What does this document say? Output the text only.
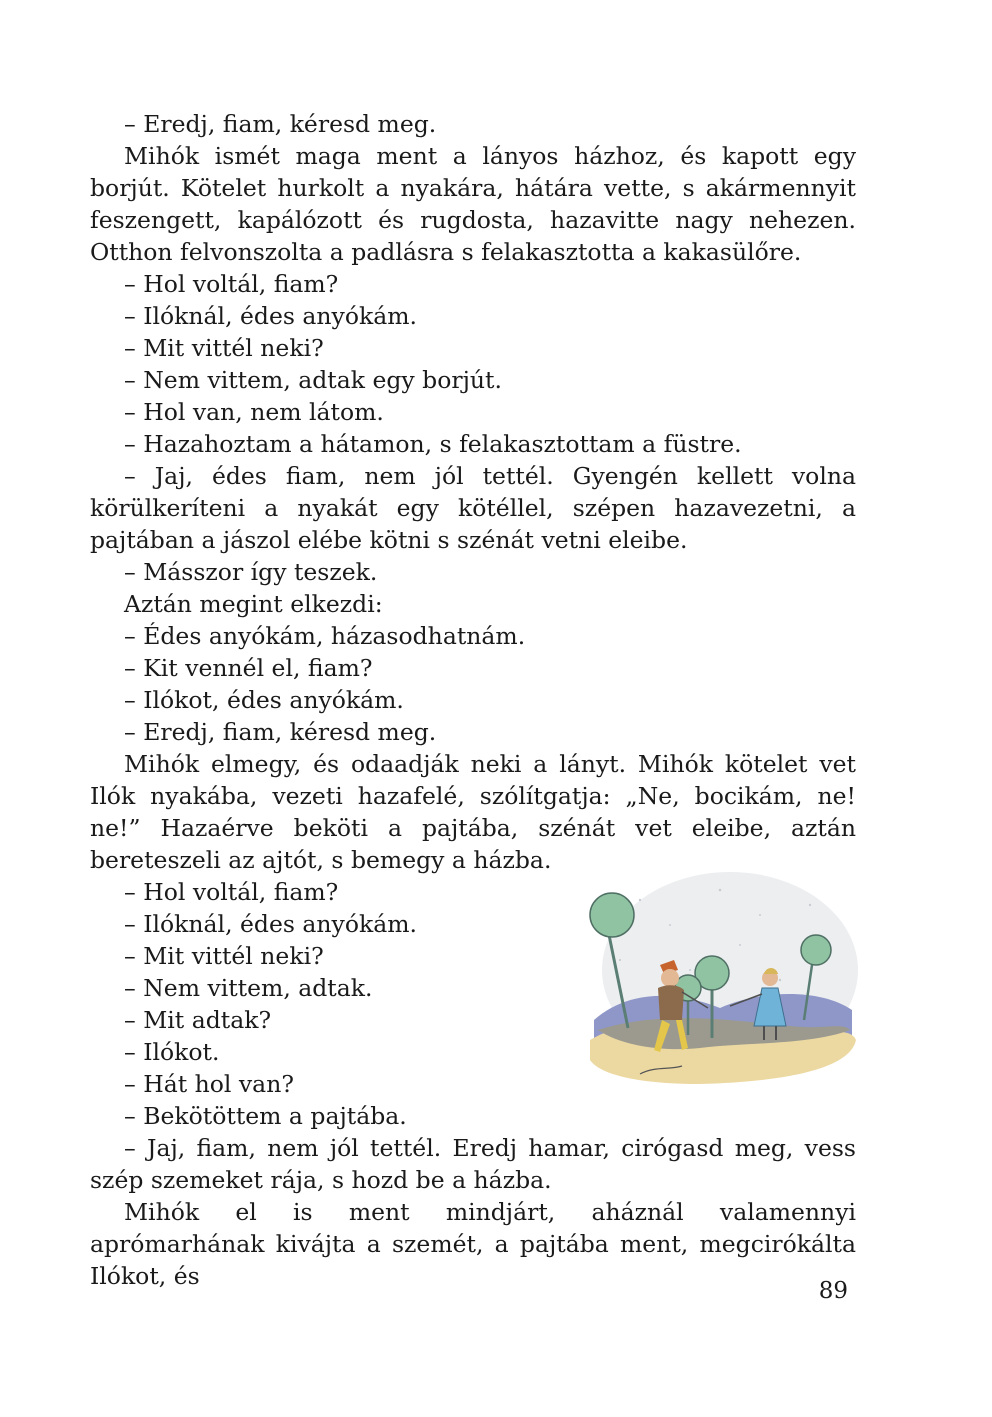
– Eredj, fiam, kéresd meg.

Mihók ismét maga ment a lányos házhoz, és kapott egy borjút. Kötelet hurkolt a nyakára, hátára vette, s akármennyit feszengett, kapálózott és rugdosta, hazavitte nagy nehezen. Otthon felvonszolta a padlásra s felakasztotta a kakasülőre.

– Hol voltál, fiam?

– Ilóknál, édes anyókám.

– Mit vittél neki?

– Nem vittem, adtak egy borjút.

– Hol van, nem látom.

– Hazahoztam a hátamon, s felakasztottam a füstre.

– Jaj, édes fiam, nem jól tettél. Gyengén kellett volna körülkeríteni a nyakát egy kötéllel, szépen hazavezetni, a pajtában a jászol elébe kötni s szénát vetni eleibe.

– Másszor így teszek.

Aztán megint elkezdi:

– Édes anyókám, házasodhatnám.

– Kit vennél el, fiam?

– Ilókot, édes anyókám.

– Eredj, fiam, kéresd meg.

Mihók elmegy, és odaadják neki a lányt. Mihók kötelet vet Ilók nyakába, vezeti hazafelé, szólítgatja: „Ne, bocikám, ne! ne!” Hazaérve beköti a pajtába, szénát vet eleibe, aztán bereteszeli az ajtót, s bemegy a házba.

– Hol voltál, fiam?

– Ilóknál, édes anyókám.

– Mit vittél neki?

– Nem vittem, adtak.

– Mit adtak?

– Ilókot.

– Hát hol van?

– Bekötöttem a pajtába.

– Jaj, fiam, nem jól tettél. Eredj hamar, cirógasd meg, vess szép szemeket rája, s hozd be a házba.

Mihók el is ment mindjárt, aháznál valamennyi aprómarhának kivájta a szemét, a pajtába ment, megcirókálta Ilókot, és

89
